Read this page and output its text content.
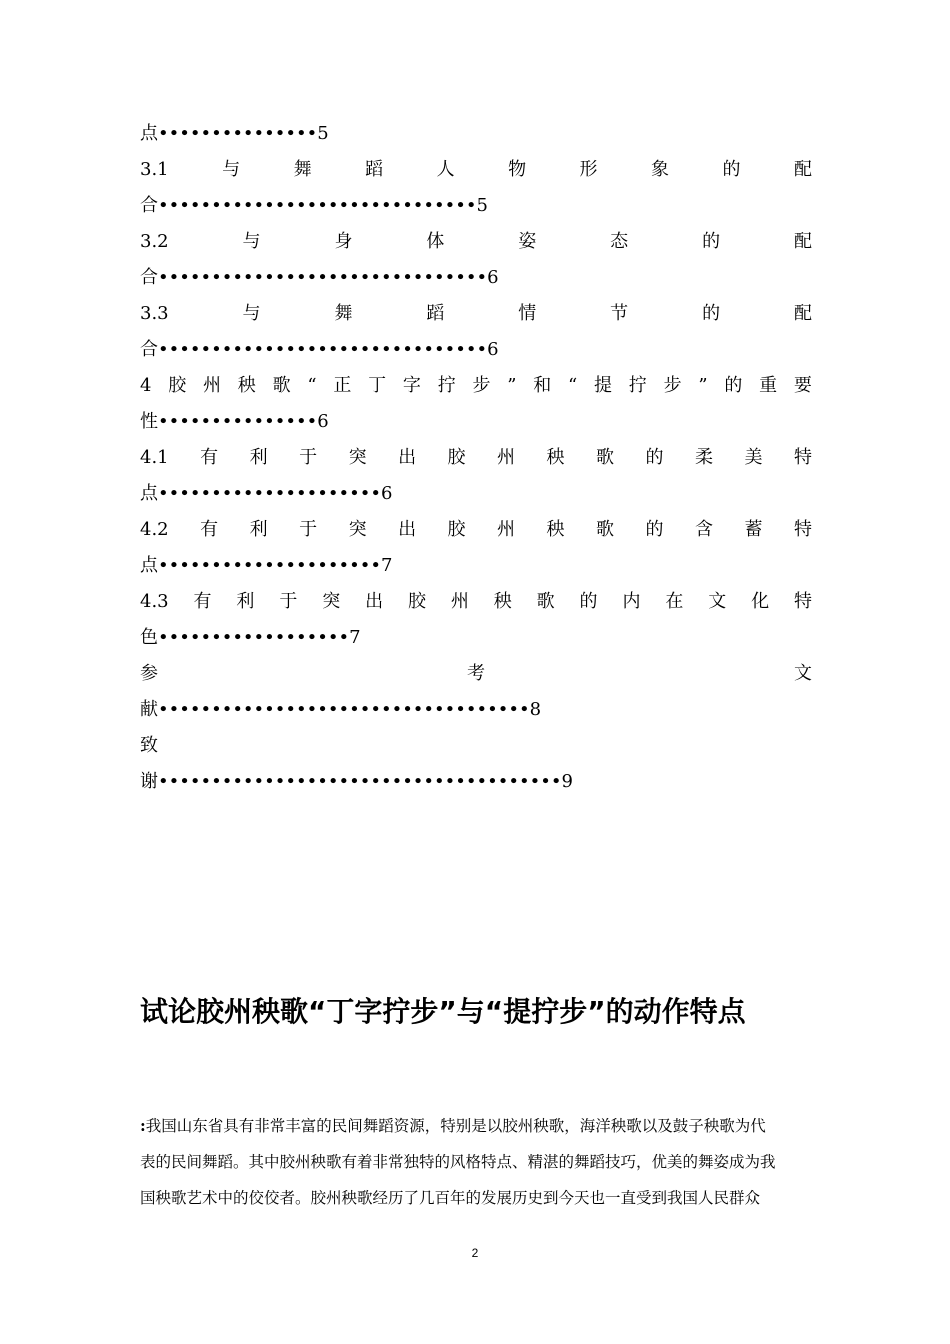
点•••••••••••••••5
3.1	与	舞	蹈	人	物	形	象	的	配
合••••••••••••••••••••••••••••••5
3.2	与	身	体	姿	态	的	配
合•••••••••••••••••••••••••••••••6
3.3	与	舞	蹈	情	节	的	配
合•••••••••••••••••••••••••••••••6
4 胶 州 秧 歌 “ 正 丁 字 拧 步 ” 和 “ 提 拧 步 ” 的 重 要
性•••••••••••••••6
4.1 有 利 于 突 出 胶 州 秧 歌 的 柔 美 特
点•••••••••••••••••••••6
4.2 有 利 于 突 出 胶 州 秧 歌 的 含 蓄 特
点•••••••••••••••••••••7
4.3 有 利 于 突 出 胶 州 秧 歌 的 内 在 文 化 特
色••••••••••••••••••7
参	考	文
献•••••••••••••••••••••••••••••••••••8
致
谢••••••••••••••••••••••••••••••••••••••9
试论胶州秧歌“丁字拧步”与“提拧步”的动作特点

:我国山东省具有非常丰富的民间舞蹈资源，特别是以胶州秧歌，海洋秧歌以及鼓子秧歌为代

表的民间舞蹈。其中胶州秧歌有着非常独特的风格特点、精湛的舞蹈技巧，优美的舞姿成为我

国秧歌艺术中的佼佼者。胶州秧歌经历了几百年的发展历史到今天也一直受到我国人民群众

2
